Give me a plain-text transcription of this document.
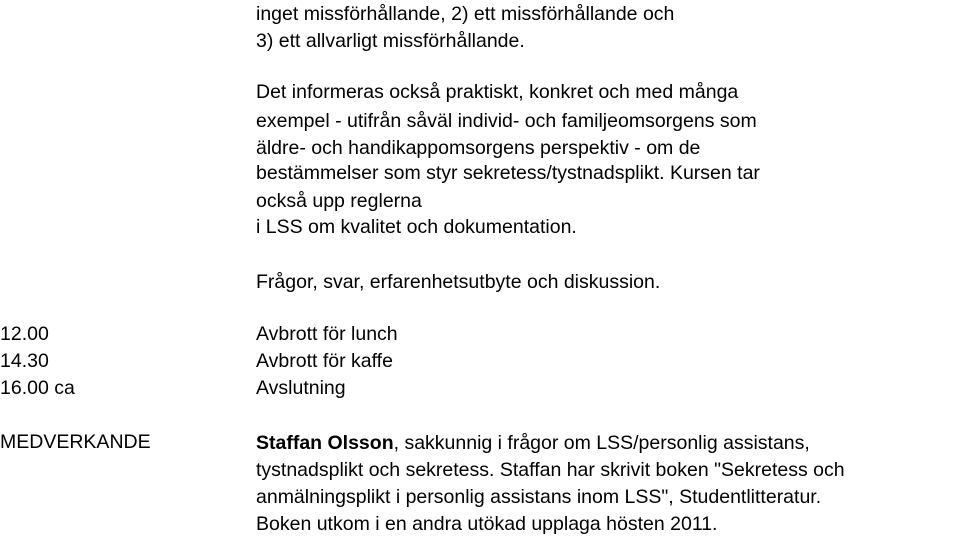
inget missförhållande, 2) ett missförhållande och
3) ett allvarligt missförhållande.
Det informeras också praktiskt, konkret och med många
exempel - utifrån såväl individ- och familjeomsorgens som
äldre- och handikappomsorgens perspektiv - om de
bestämmelser som styr sekretess/tystnadsplikt. Kursen tar
också upp reglerna
i LSS om kvalitet och dokumentation.
Frågor, svar, erfarenhetsutbyte och diskussion.
12.00	Avbrott för lunch
14.30	Avbrott för kaffe
16.00 ca	Avslutning
MEDVERKANDE	Staffan Olsson, sakkunnig i frågor om LSS/personlig assistans,
tystnadsplikt och sekretess. Staffan har skrivit boken "Sekretess och
anmälningsplikt i personlig assistans inom LSS", Studentlitteratur.
Boken utkom i en andra utökad upplaga hösten 2011.
